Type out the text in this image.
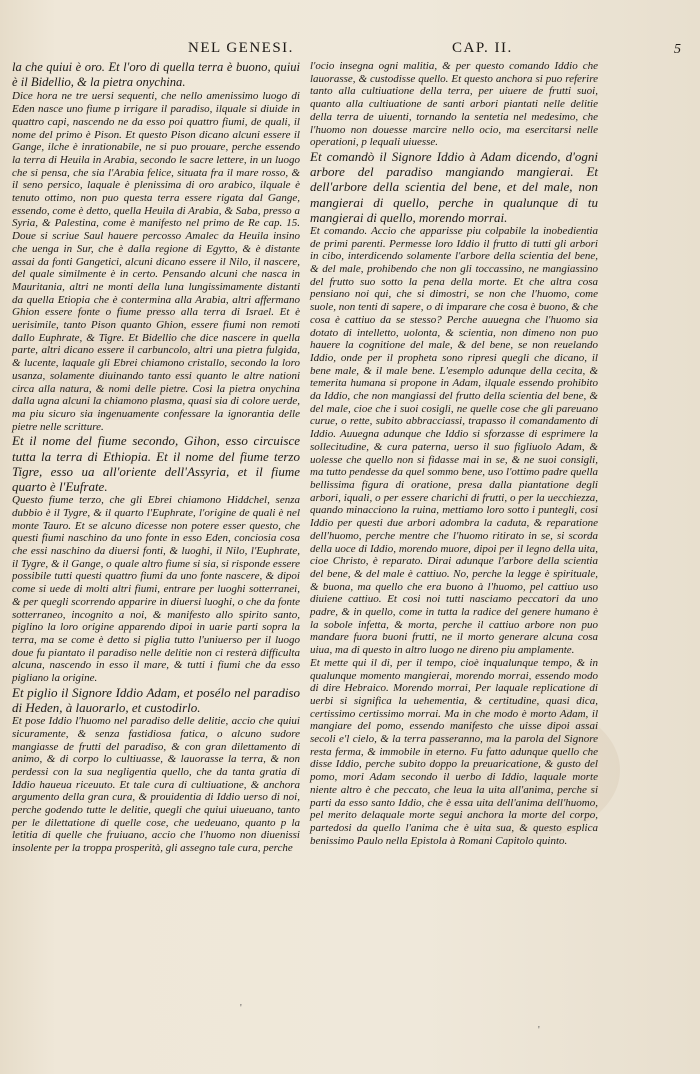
NEL GENESI.	CAP. II.	5

la che quiui è oro. Et l'oro di quella terra è buono, quiui è il Bidellio, & la pietra onychina.

Dice hora ne tre uersi sequenti, che nello amenissimo luogo di Eden nasce uno fiume p irrigare il paradiso, ilquale si diuide in quattro capi, nascendo ne da esso poi quattro fiumi, de quali, il nome del primo è Pison. Et questo Pison dicano alcuni essere il Gange, ilche è inrationabile, ne si puo prouare, perche essendo la terra di Heuila in Arabia, secondo le sacre lettere, in un luogo che si pensa, che sia l'Arabia felice, situata fra il mare rosso, & il seno persico, laquale è plenissima di oro arabico, ilquale è tenuto ottimo, non puo questa terra essere rigata dal Gange, essendo, come è detto, quella Heuila di Arabia, & Saba, presso a Syria, & Palestina, come è manifesto nel primo de Re cap. 15. Doue si scriue Saul hauere percosso Amalec da Heuila insino che uenga in Sur, che è dalla regione di Egytto, & è distante assai da fonti Gangetici, alcuni dicano essere il Nilo, il nascere, del quale similmente è in certo. Pensando alcuni che nasca in Mauritania, altri ne monti della luna lungissimamente distanti da quella Etiopia che è contermina alla Arabia, altri affermano Ghion essere fonte o fiume presso alla terra di Israel. Et è uerisimile, tanto Pison quanto Ghion, essere fiumi non remoti dallo Euphrate, & Tigre. Et Bidellio che dice nascere in quella parte, altri dicano essere il carbuncolo, altri una pietra fulgida, & lucente, laquale gli Ebrei chiamono cristallo, secondo la loro usanza, solamente diuinando tanto essi quanto le altre nationi circa alla natura, & nomi delle pietre. Cosi la pietra onychina dalla ugna alcuni la chiamono plasma, quasi sia di colore uerde, ma piu sicuro sia ingenuamente confessare la ignorantia delle pietre nelle scritture.

Et il nome del fiume secondo, Gihon, esso circuisce tutta la terra di Ethiopia. Et il nome del fiume terzo Tigre, esso ua all'oriente dell'Assyria, et il fiume quarto è l'Eufrate.

Questo fiume terzo, che gli Ebrei chiamono Hiddchel, senza dubbio è il Tygre, & il quarto l'Euphrate, l'origine de quali è nel monte Tauro. Et se alcuno dicesse non potere esser questo, che questi fiumi naschino da uno fonte in esso Eden, conciosia cosa che essi naschino da diuersi fonti, & luoghi, il Nilo, l'Euphrate, il Tygre, & il Gange, o quale altro fiume si sia, si risponde essere possibile tutti questi quattro fiumi da uno fonte nascere, & dipoi come si uede di molti altri fiumi, entrare per luoghi sotterranei, & per quegli scorrendo apparire in diuersi luoghi, o che da fonte sotterraneo, incognito a noi, & manifesto allo spirito santo, piglino la loro origine apparendo dipoi in uarie parti sopra la terra, ma se come è detto si piglia tutto l'uniuerso per il luogo doue fu piantato il paradiso nelle delitie non ci resterà difficulta alcuna, nascendo in esso il mare, & tutti i fiumi che da esso pigliano la origine.

Et piglio il Signore Iddio Adam, et posélo nel paradiso di Heden, à lauorarlo, et custodirlo.

Et pose Iddio l'huomo nel paradiso delle delitie, accio che quiui sicuramente, & senza fastidiosa fatica, o alcuno sudore mangiasse de frutti del paradiso, & con gran dilettamento di animo, & di corpo lo cultiuasse, & lauorasse la terra, & non perdessi con la sua negligentia quello, che da tanta gratia di Iddio haueua riceuuto. Et tale cura di cultiuatione, & anchora argumento della gran cura, & prouidentia di Iddio uerso di noi, perche godendo tutte le delitie, quegli che quiui uiueuano, tanto per le dilettatione di quelle cose, che uedeuano, quanto p la letitia di quelle che fruiuano, accio che l'huomo non diuenissi insolente per la troppa prosperità, gli assegno tale cura, perche

l'ocio insegna ogni malitia, & per questo comando Iddio che lauorasse, & custodisse quello. Et questo anchora si puo referire tanto alla cultiuatione della terra, per uiuere de frutti suoi, quanto alla cultiuatione de santi arbori piantati nelle delitie della terra de uiuenti, tornando la sentetia nel medesimo, che l'huomo non douesse marcire nello ocio, ma esercitarsi nelle operationi, p lequali uiuesse.

Et comandò il Signore Iddio à Adam dicendo, d'ogni arbore del paradiso mangiando mangierai. Et dell'arbore della scientia del bene, et del male, non mangierai di quello, perche in qualunque di tu mangierai di quello, morendo morrai.

Et comando. Accio che apparisse piu colpabile la inobedientia de primi parenti. Permesse loro Iddio il frutto di tutti gli arbori in cibo, interdicendo solamente l'arbore della scientia del bene, & del male, prohibendo che non gli toccassino, ne mangiassino del frutto suo sotto la pena della morte. Et che altra cosa pensiano noi qui, che si dimostri, se non che l'huomo, come suole, non tenti di sapere, o di imparare che cosa è buono, & che cosa è cattiuo da se stesso? Perche auuegna che l'huomo sia dotato di intelletto, uolonta, & scientia, non dimeno non puo hauere la cognitione del male, & del bene, se non reuelando Iddio, onde per il propheta sono ripresi quegli che dicano, il bene male, & il male bene. L'esemplo adunque della cecita, & temerita humana si propone in Adam, ilquale essendo prohibito da Iddio, che non mangiassi del frutto della scientia del bene, & del male, cioe che i suoi cosigli, ne quelle cose che gli pareuano curue, o rette, subito abbracciassi, trapasso il comandamento di Iddio. Auuegna adunque che Iddio si sforzasse di esprimere la sollecitudine, & cura paterna, uerso il suo figliuolo Adam, & uolesse che quello non si fidasse mai in se, & ne suoi consigli, ma tutto pendesse da quel sommo bene, uso l'ottimo padre quella bellissima figura di oratione, presa dalla piantatione degli arbori, iquali, o per essere charichi di frutti, o per la uecchiezza, quando minacciono la ruina, mettiamo loro sotto i puntegli, cosi Iddio per questi due arbori adombra la caduta, & reparatione dell'huomo, perche mentre che l'huomo ritirato in se, si scorda della uoce di Iddio, morendo muore, dipoi per il legno della uita, cioe Christo, è reparato. Dirai adunque l'arbore della scientia del bene, & del male è cattiuo. No, perche la legge è spirituale, & buona, ma quello che era buono à l'huomo, pel cattiuo uso diuiene cattiuo. Et cosi noi tutti nasciamo peccatori da uno padre, & in quello, come in tutta la radice del genere humano è la sobole infetta, & morta, perche il cattiuo arbore non puo mandare fuora buoni frutti, ne il morto generare alcuna cosa uiua, ma di questo in altro luogo ne direno piu amplamente.

Et mette qui il di, per il tempo, cioè inqualunque tempo, & in qualunque momento mangierai, morendo morrai, essendo modo di dire Hebraico. Morendo morrai, Per laquale replicatione di uerbi si significa la uehementia, & certitudine, quasi dica, certissimo certissimo morrai. Ma in che modo è morto Adam, il mangiare del pomo, essendo manifesto che uisse dipoi assai secoli e'l cielo, & la terra passeranno, ma la parola del Signore resta ferma, & immobile in eterno. Fu fatto adunque quello che disse Iddio, perche subito doppo la preuaricatione, & gusto del pomo, mori Adam secondo il uerbo di Iddio, laquale morte niente altro è che peccato, che leua la uita all'anima, perche si parti da esso santo Iddio, che è essa uita dell'anima dell'huomo, pel merito delaquale morte segui anchora la morte del corpo, partedosi da quello l'anima che è uita sua, & questo esplica benissimo Paulo nella Epistola à Romani Capitolo quinto.

'
'
